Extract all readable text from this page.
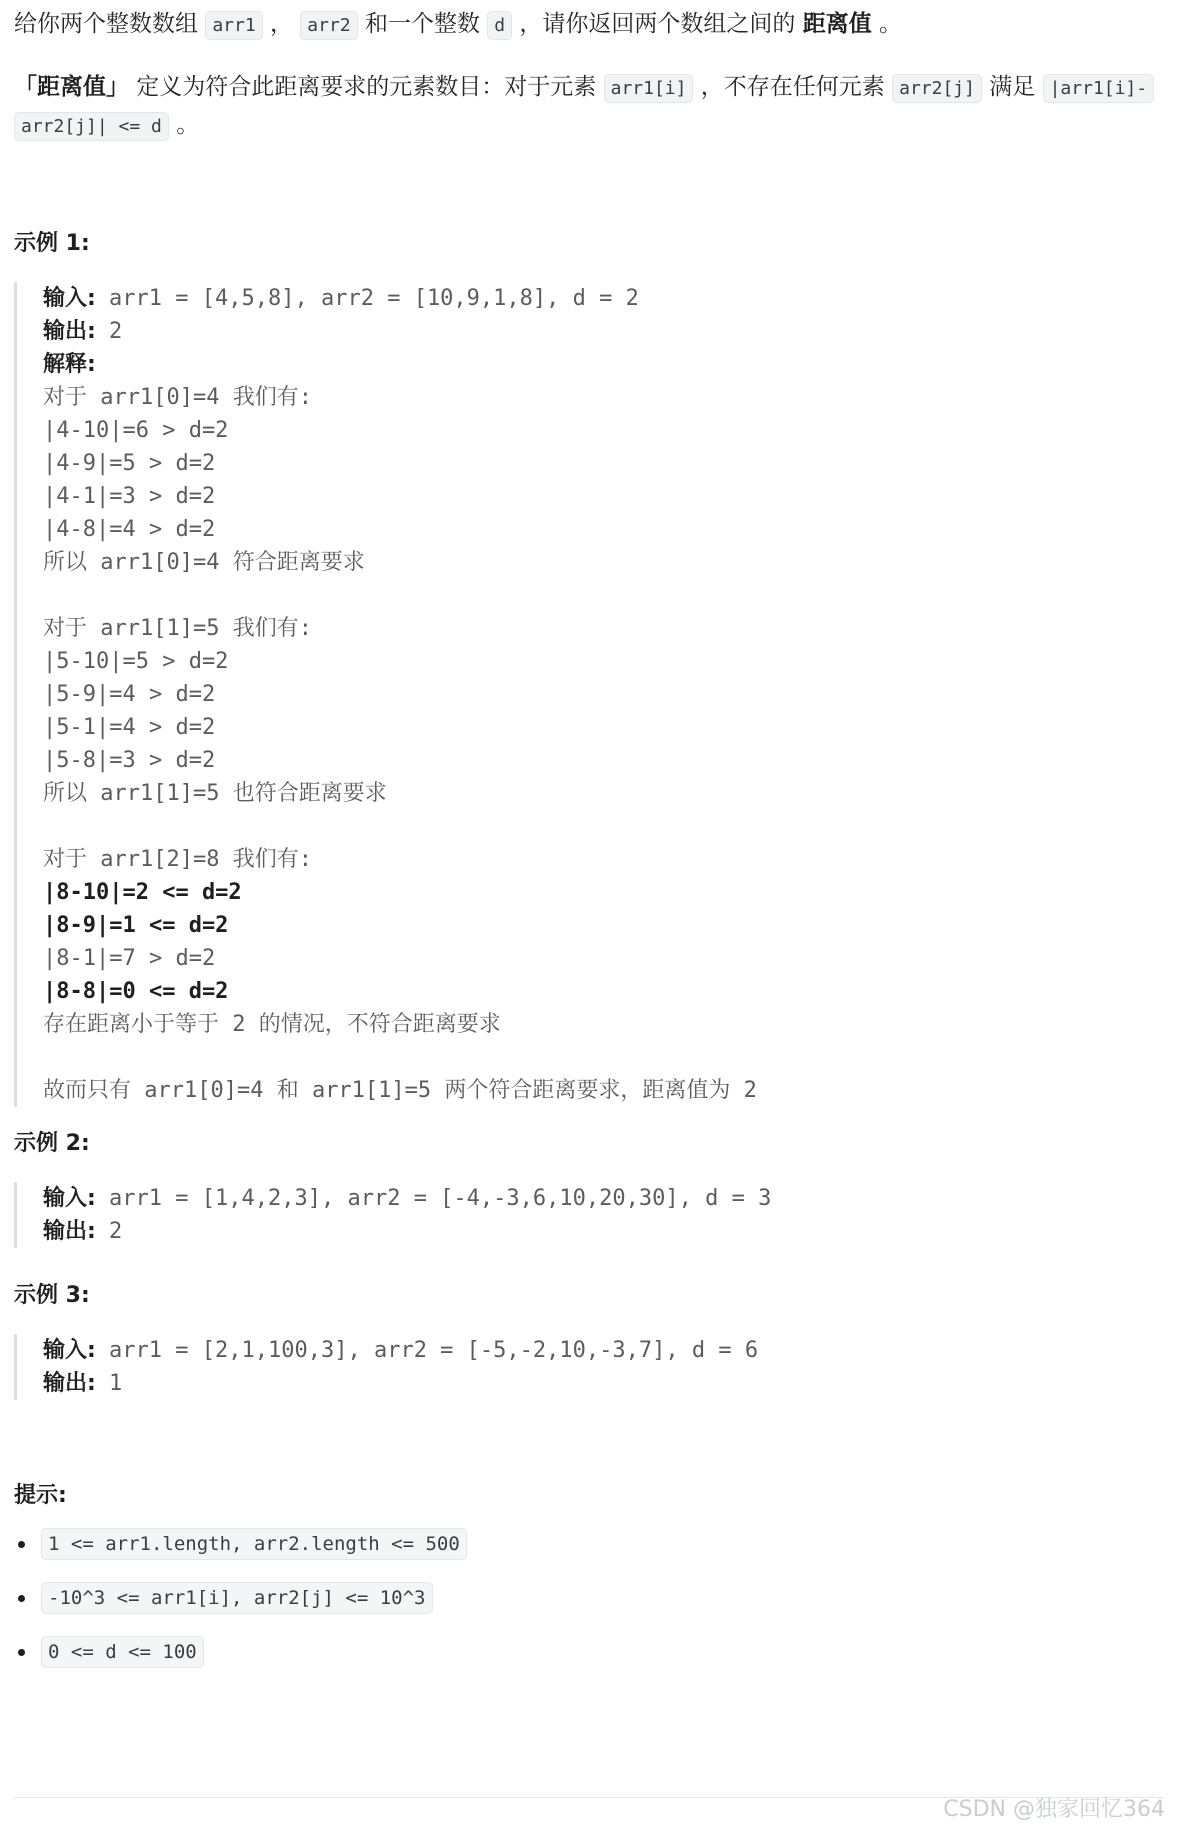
给你两个整数数组 arr1 ， arr2 和一个整数 d ，请你返回两个数组之间的 距离值 。

「距离值」 定义为符合此距离要求的元素数目：对于元素 arr1[i] ，不存在任何元素 arr2[j] 满足 |arr1[i]-
arr2[j]| <= d 。

示例 1:
输入: arr1 = [4,5,8], arr2 = [10,9,1,8], d = 2
输出: 2
解释:
对于 arr1[0]=4 我们有:
|4-10|=6 > d=2
|4-9|=5 > d=2
|4-1|=3 > d=2
|4-8|=4 > d=2
所以 arr1[0]=4 符合距离要求
对于 arr1[1]=5 我们有:
|5-10|=5 > d=2
|5-9|=4 > d=2
|5-1|=4 > d=2
|5-8|=3 > d=2
所以 arr1[1]=5 也符合距离要求
对于 arr1[2]=8 我们有:
|8-10|=2 <= d=2
|8-9|=1 <= d=2
|8-1|=7 > d=2
|8-8|=0 <= d=2
存在距离小于等于 2 的情况，不符合距离要求
故而只有 arr1[0]=4 和 arr1[1]=5 两个符合距离要求，距离值为 2
示例 2:
输入: arr1 = [1,4,2,3], arr2 = [-4,-3,6,10,20,30], d = 3
输出: 2
示例 3:
输入: arr1 = [2,1,100,3], arr2 = [-5,-2,10,-3,7], d = 6
输出: 1
提示:
1 <= arr1.length, arr2.length <= 500
-10^3 <= arr1[i], arr2[j] <= 10^3
0 <= d <= 100
CSDN @独家回忆364
